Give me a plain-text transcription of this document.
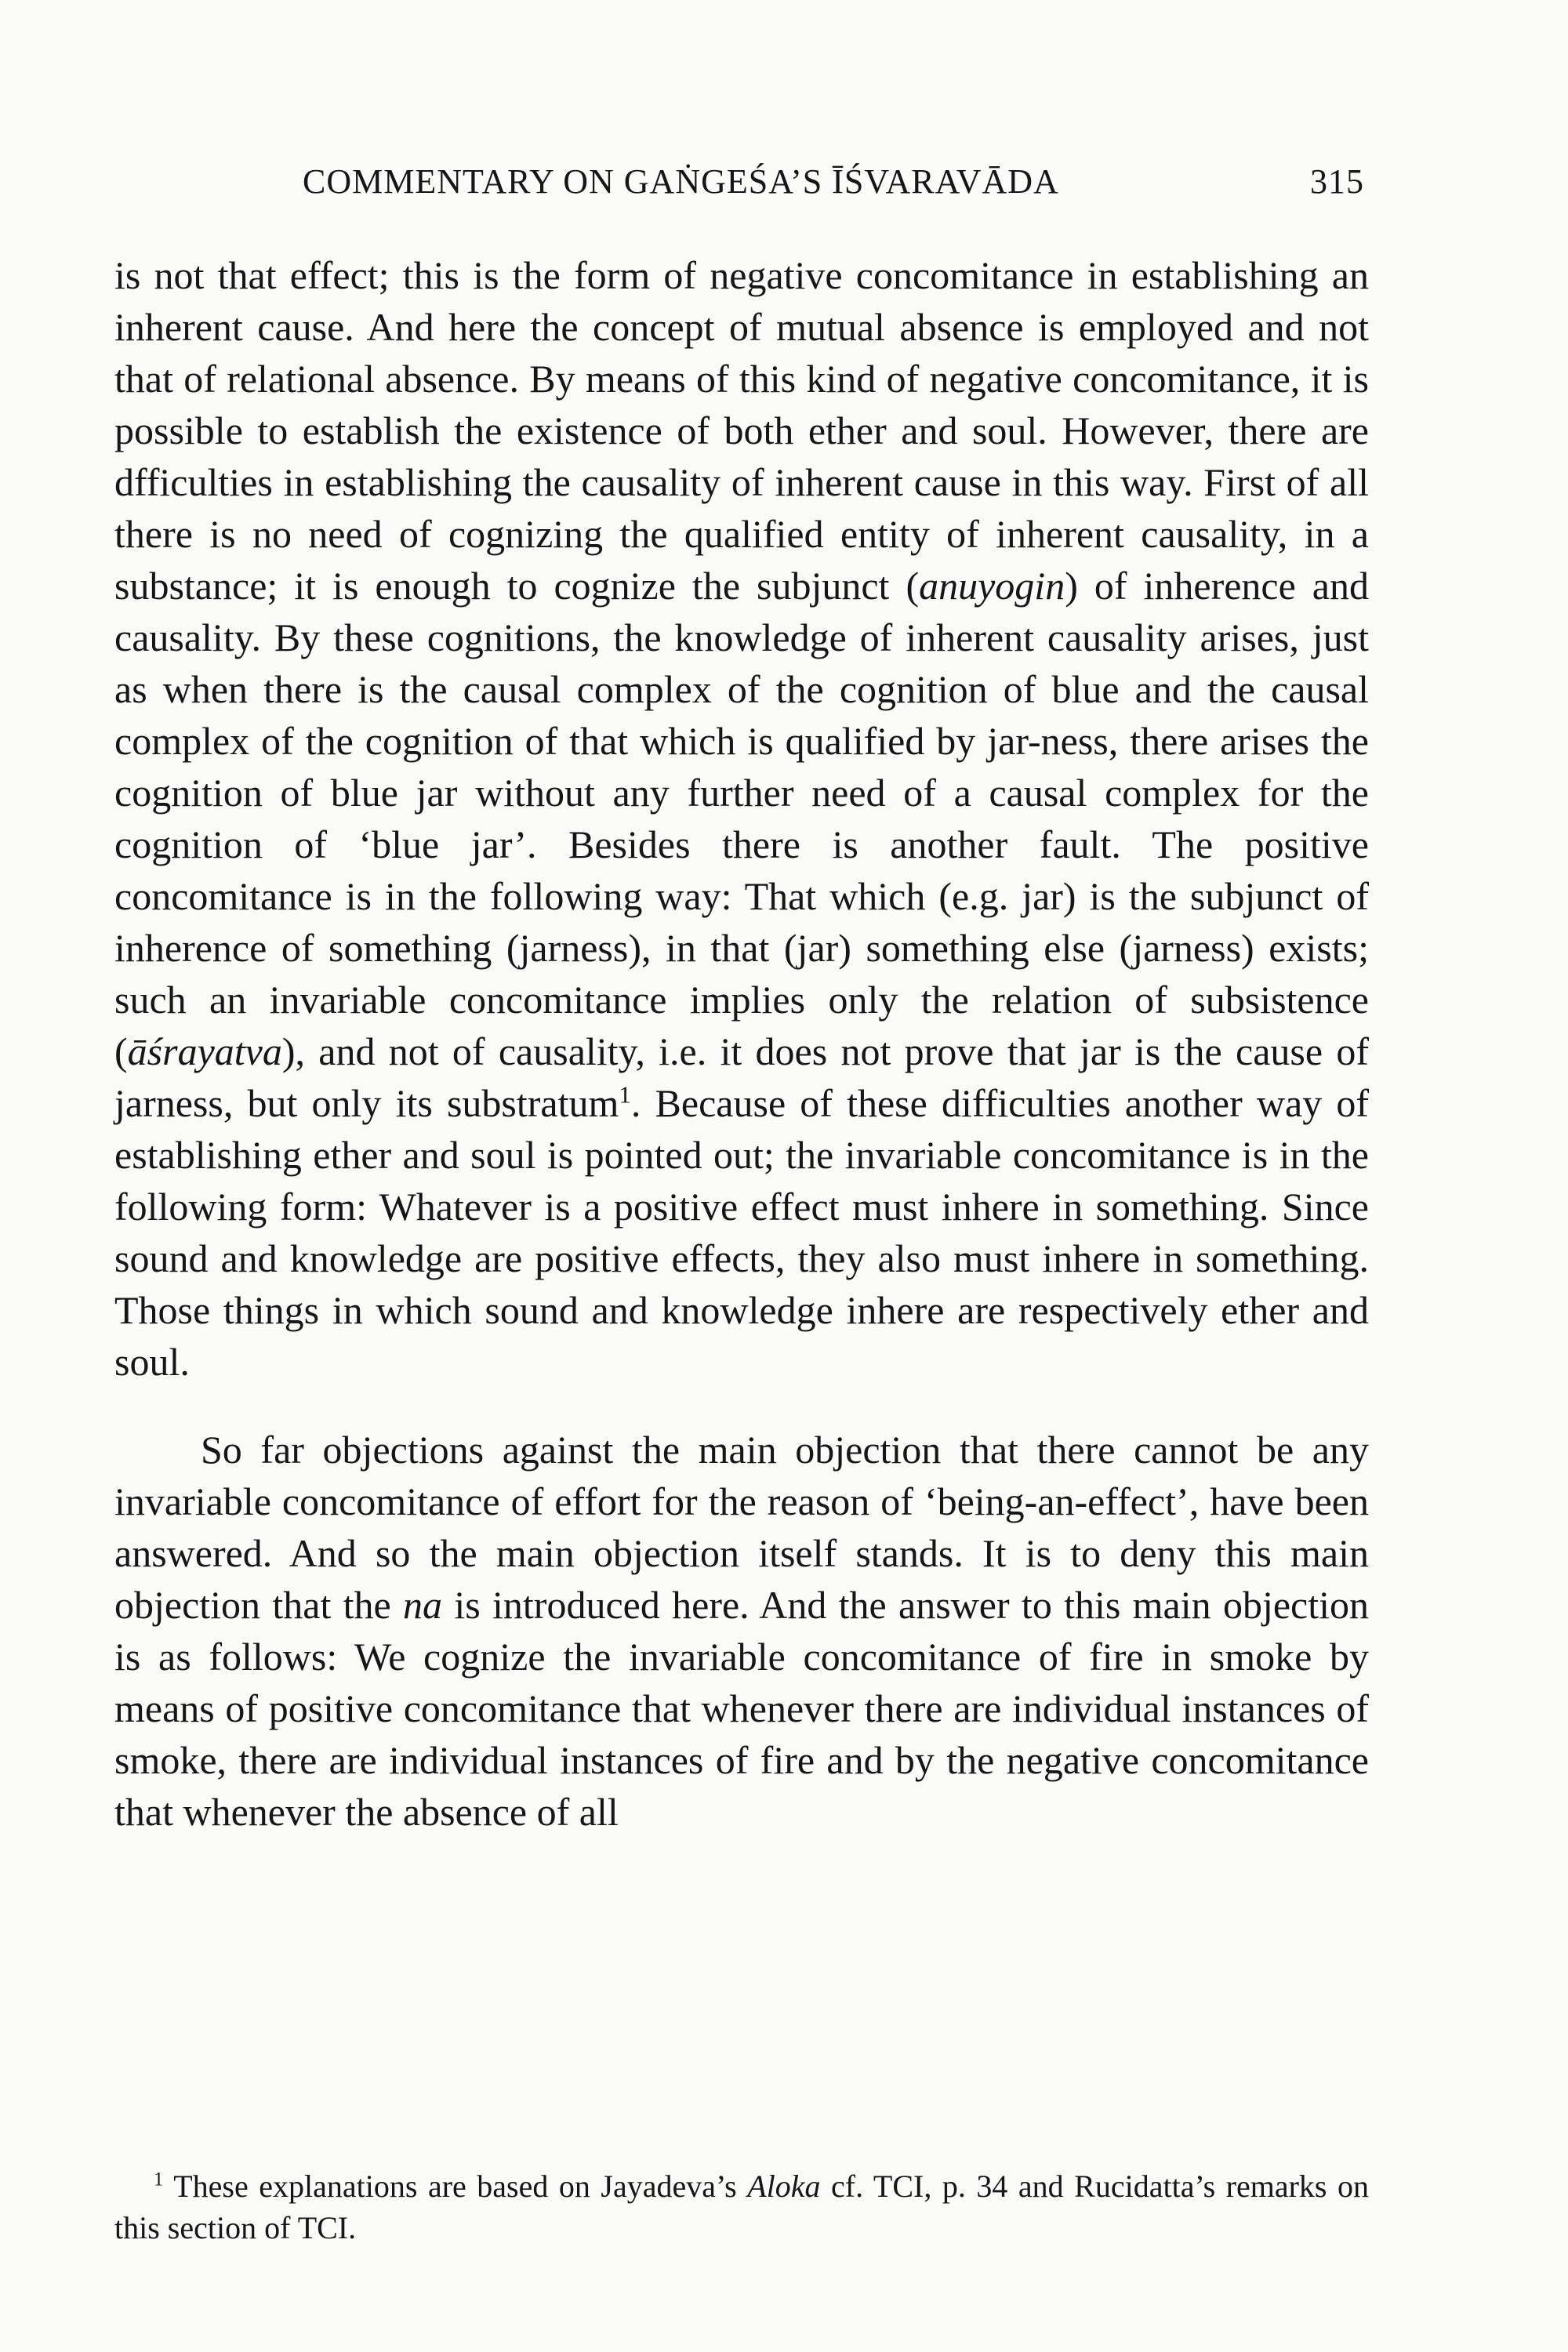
COMMENTARY ON GAṄGEŚA’S ĪŚVARAVĀDA	315

is not that effect; this is the form of negative concomitance in establishing an inherent cause. And here the concept of mutual absence is employed and not that of relational absence. By means of this kind of negative concomitance, it is possible to establish the existence of both ether and soul. However, there are dfficulties in establishing the causality of inherent cause in this way. First of all there is no need of cognizing the qualified entity of inherent causality, in a substance; it is enough to cognize the subjunct (anuyogin) of inherence and causality. By these cognitions, the knowledge of inherent causality arises, just as when there is the causal complex of the cognition of blue and the causal complex of the cognition of that which is qualified by jar-ness, there arises the cognition of blue jar without any further need of a causal complex for the cognition of ‘blue jar’. Besides there is another fault. The positive concomitance is in the following way: That which (e.g. jar) is the subjunct of inherence of something (jarness), in that (jar) something else (jarness) exists; such an invariable concomitance implies only the relation of subsistence (āśrayatva), and not of causality, i.e. it does not prove that jar is the cause of jarness, but only its substratum$^1$. Because of these difficulties another way of establishing ether and soul is pointed out; the invariable concomitance is in the following form: Whatever is a positive effect must inhere in something. Since sound and knowledge are positive effects, they also must inhere in something. Those things in which sound and knowledge inhere are respectively ether and soul.

So far objections against the main objection that there cannot be any invariable concomitance of effort for the reason of ‘being-an-effect’, have been answered. And so the main objection itself stands. It is to deny this main objection that the na is introduced here. And the answer to this main objection is as follows: We cognize the invariable concomitance of fire in smoke by means of positive concomitance that whenever there are individual instances of smoke, there are individual instances of fire and by the negative concomitance that whenever the absence of all

$^1$ These explanations are based on Jayadeva’s Aloka cf. TCI, p. 34 and Rucidatta’s remarks on this section of TCI.
